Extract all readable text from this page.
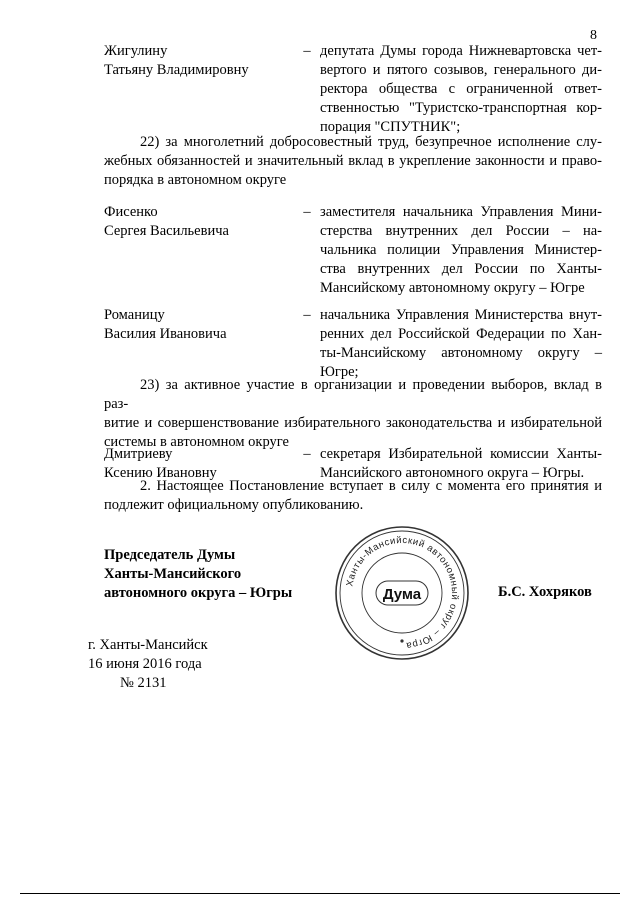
8
Жигулину
Татьяну Владимировну
– депутата Думы города Нижневартовска чет-

вертого и пятого созывов, генерального ди-

ректора общества с ограниченной ответ-

ственностью "Туристско-транспортная кор-

порация "СПУТНИК";

22) за многолетний добросовестный труд, безупречное исполнение слу-

жебных обязанностей и значительный вклад в укрепление законности и право-

порядка в автономном округе

Фисенко
Сергея Васильевича
– заместителя начальника Управления Мини-

стерства внутренних дел России – на-

чальника полиции Управления Министер-

ства внутренних дел России по Ханты-

Мансийскому автономному округу – Югре

Романицу
Василия Ивановича
– начальника Управления Министерства внут-

ренних дел Российской Федерации по Хан-

ты-Мансийскому автономному округу –

Югре;

23) за активное участие в организации и проведении выборов, вклад в раз-

витие и совершенствование избирательного законодательства и избирательной

системы в автономном округе

Дмитриеву
Ксению Ивановну
– секретаря Избирательной комиссии Ханты-

Мансийского автономного округа – Югры.

2. Настоящее Постановление вступает в силу с момента его принятия и

подлежит официальному опубликованию.

Председатель Думы
Ханты-Мансийского
автономного округа – Югры
Ханты-Мансийский автономный округ – Югра
Дума	Б.С. Хохряков
г. Ханты-Мансийск
16 июня 2016 года
№ 2131
